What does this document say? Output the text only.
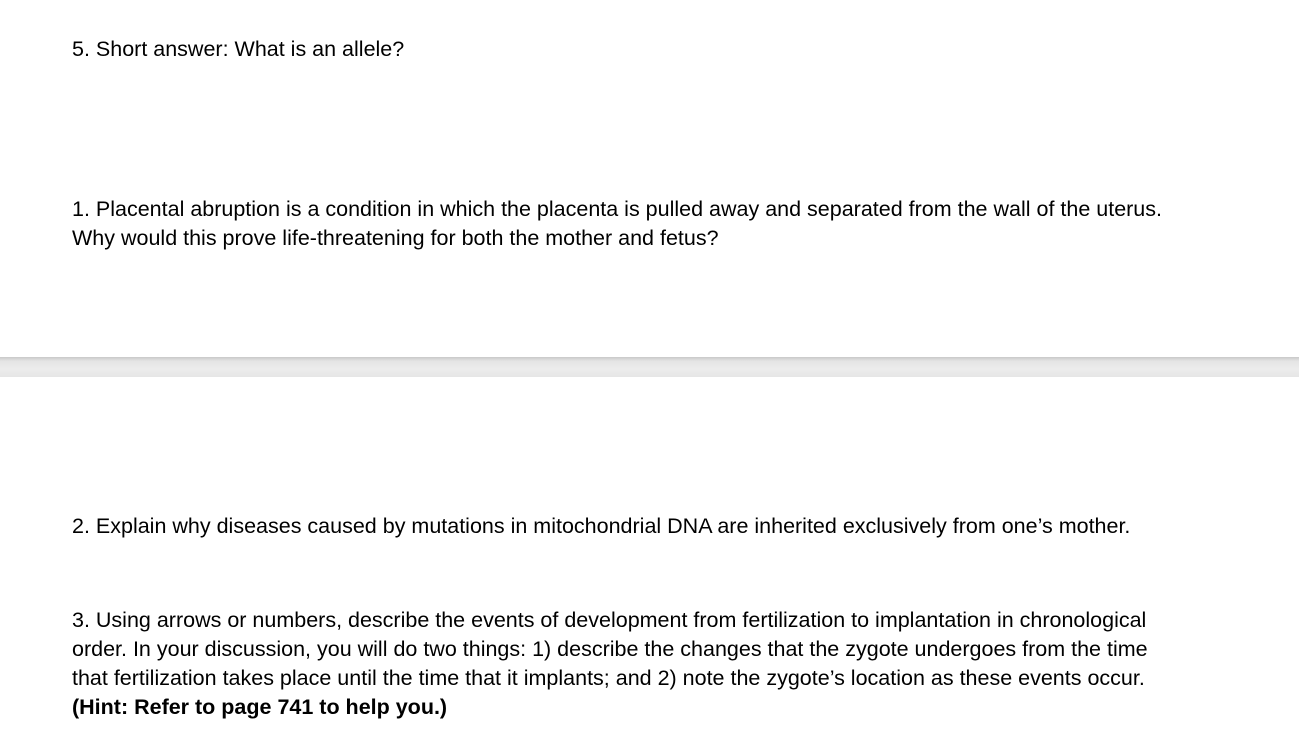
5. Short answer: What is an allele?

1. Placental abruption is a condition in which the placenta is pulled away and separated from the wall of the uterus. Why would this prove life-threatening for both the mother and fetus?

2. Explain why diseases caused by mutations in mitochondrial DNA are inherited exclusively from one’s mother.

3. Using arrows or numbers, describe the events of development from fertilization to implantation in chronological order. In your discussion, you will do two things: 1) describe the changes that the zygote undergoes from the time that fertilization takes place until the time that it implants; and 2) note the zygote’s location as these events occur. (Hint: Refer to page 741 to help you.)
